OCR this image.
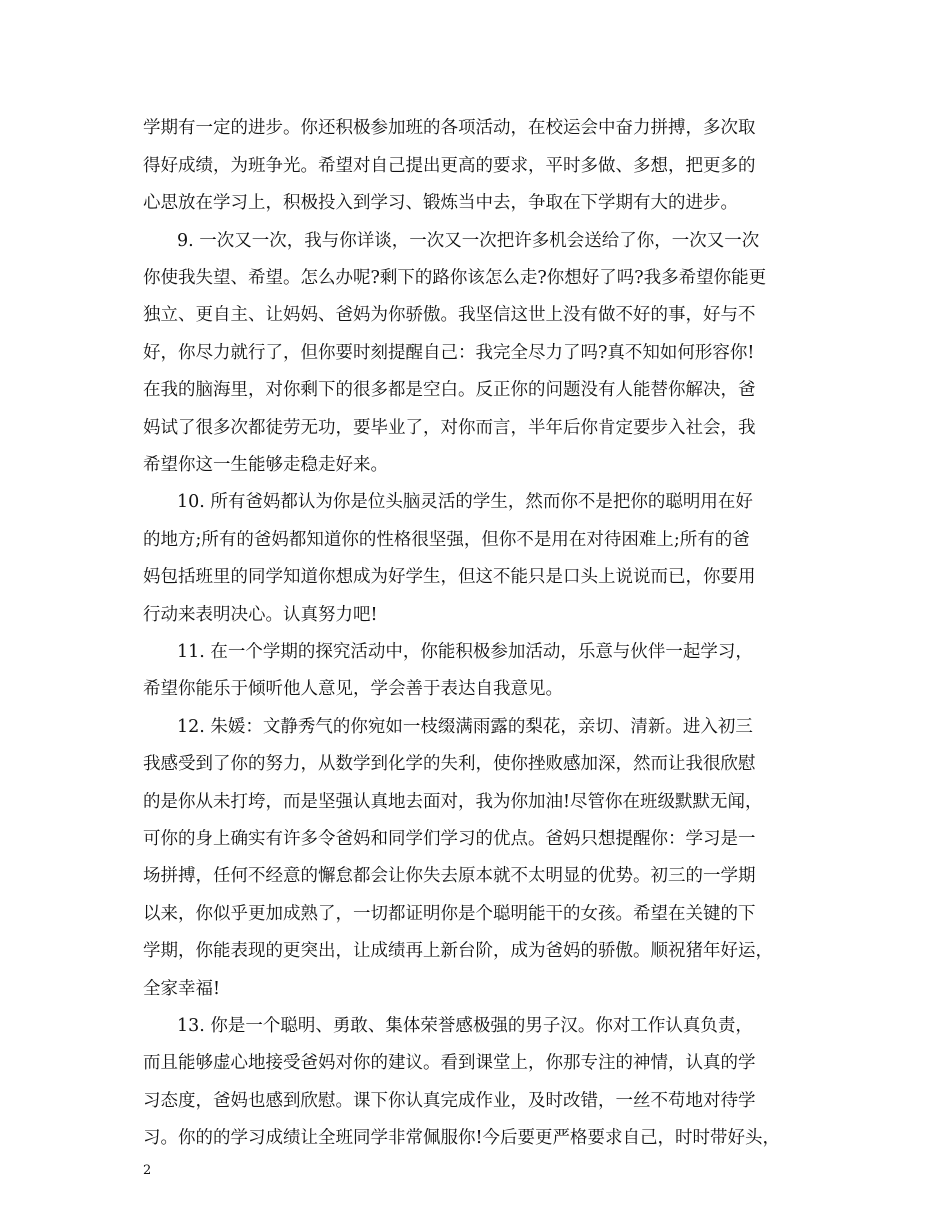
学期有一定的进步。你还积极参加班的各项活动，在校运会中奋力拼搏，多次取
得好成绩，为班争光。希望对自己提出更高的要求，平时多做、多想，把更多的
心思放在学习上，积极投入到学习、锻炼当中去，争取在下学期有大的进步。
9. 一次又一次，我与你详谈，一次又一次把许多机会送给了你，一次又一次
你使我失望、希望。怎么办呢?剩下的路你该怎么走?你想好了吗?我多希望你能更
独立、更自主、让妈妈、爸妈为你骄傲。我坚信这世上没有做不好的事，好与不
好，你尽力就行了，但你要时刻提醒自己：我完全尽力了吗?真不知如何形容你!
在我的脑海里，对你剩下的很多都是空白。反正你的问题没有人能替你解决，爸
妈试了很多次都徒劳无功，要毕业了，对你而言，半年后你肯定要步入社会，我
希望你这一生能够走稳走好来。
10. 所有爸妈都认为你是位头脑灵活的学生，然而你不是把你的聪明用在好
的地方;所有的爸妈都知道你的性格很坚强，但你不是用在对待困难上;所有的爸
妈包括班里的同学知道你想成为好学生，但这不能只是口头上说说而已，你要用
行动来表明决心。认真努力吧!
11. 在一个学期的探究活动中，你能积极参加活动，乐意与伙伴一起学习，
希望你能乐于倾听他人意见，学会善于表达自我意见。
12. 朱媛：文静秀气的你宛如一枝缀满雨露的梨花，亲切、清新。进入初三
我感受到了你的努力，从数学到化学的失利，使你挫败感加深，然而让我很欣慰
的是你从未打垮，而是坚强认真地去面对，我为你加油!尽管你在班级默默无闻，
可你的身上确实有许多令爸妈和同学们学习的优点。爸妈只想提醒你：学习是一
场拼搏，任何不经意的懈怠都会让你失去原本就不太明显的优势。初三的一学期
以来，你似乎更加成熟了，一切都证明你是个聪明能干的女孩。希望在关键的下
学期，你能表现的更突出，让成绩再上新台阶，成为爸妈的骄傲。顺祝猪年好运，
全家幸福!
13. 你是一个聪明、勇敢、集体荣誉感极强的男子汉。你对工作认真负责，
而且能够虚心地接受爸妈对你的建议。看到课堂上，你那专注的神情，认真的学
习态度，爸妈也感到欣慰。课下你认真完成作业，及时改错，一丝不苟地对待学
习。你的的学习成绩让全班同学非常佩服你!今后要更严格要求自己，时时带好头，
2
